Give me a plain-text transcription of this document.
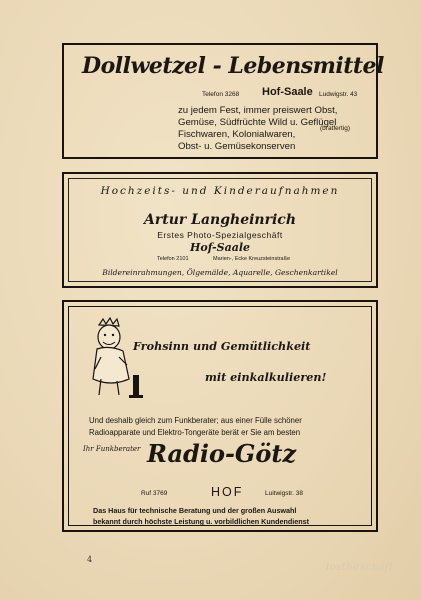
Dollwetzel - Lebensmittel
Telefon 3268 Hof-Saale Ludwigstr. 43
zu jedem Fest, immer preiswert Obst,
Gemüse, Südfrüchte Wild u. Geflügel
Fischwaren, Kolonialwaren,
Obst- u. Gemüsekonserven
(bratfertig)
Hochzeits- und Kinderaufnahmen
Artur Langheinrich
Erstes Photo-Spezialgeschäft
Hof-Saale
Telefon 2101	Marien-, Ecke Kreuzsteinstraße
Bildereinrahmungen, Ölgemälde, Aquarelle, Geschenkartikel
Frohsinn und Gemütlichkeit
mit einkalkulieren!
Und deshalb gleich zum Funkberater; aus einer Fülle schöner
Radioapparate und Elektro-Tongeräte berät er Sie am besten
Ihr Funkberater Radio-Götz
Ruf 3769	HOF	Luitwigstr. 38
Das Haus für technische Beratung und der großen Auswahl
bekannt durch höchste Leistung u. vorbildlichen Kundendienst
4
lostheschaft
